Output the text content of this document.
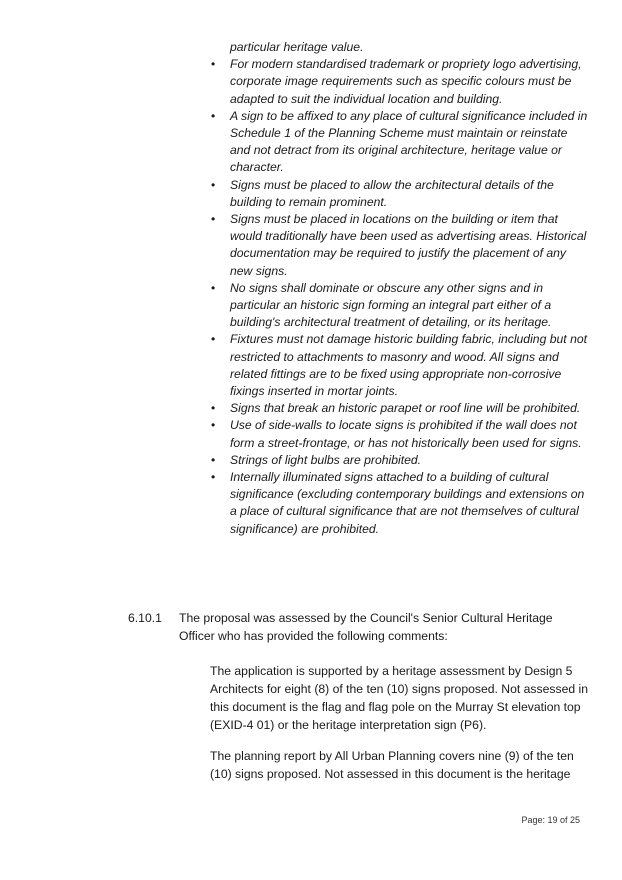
particular heritage value.
• For modern standardised trademark or propriety logo advertising, corporate image requirements such as specific colours must be adapted to suit the individual location and building.
• A sign to be affixed to any place of cultural significance included in Schedule 1 of the Planning Scheme must maintain or reinstate and not detract from its original architecture, heritage value or character.
• Signs must be placed to allow the architectural details of the building to remain prominent.
• Signs must be placed in locations on the building or item that would traditionally have been used as advertising areas. Historical documentation may be required to justify the placement of any new signs.
• No signs shall dominate or obscure any other signs and in particular an historic sign forming an integral part either of a building's architectural treatment of detailing, or its heritage.
• Fixtures must not damage historic building fabric, including but not restricted to attachments to masonry and wood. All signs and related fittings are to be fixed using appropriate non-corrosive fixings inserted in mortar joints.
• Signs that break an historic parapet or roof line will be prohibited.
• Use of side-walls to locate signs is prohibited if the wall does not form a street-frontage, or has not historically been used for signs.
• Strings of light bulbs are prohibited.
• Internally illuminated signs attached to a building of cultural significance (excluding contemporary buildings and extensions on a place of cultural significance that are not themselves of cultural significance) are prohibited.
6.10.1 The proposal was assessed by the Council's Senior Cultural Heritage Officer who has provided the following comments:
The application is supported by a heritage assessment by Design 5 Architects for eight (8) of the ten (10) signs proposed. Not assessed in this document is the flag and flag pole on the Murray St elevation top (EXID-4 01) or the heritage interpretation sign (P6).
The planning report by All Urban Planning covers nine (9) of the ten (10) signs proposed. Not assessed in this document is the heritage
Page: 19 of 25
